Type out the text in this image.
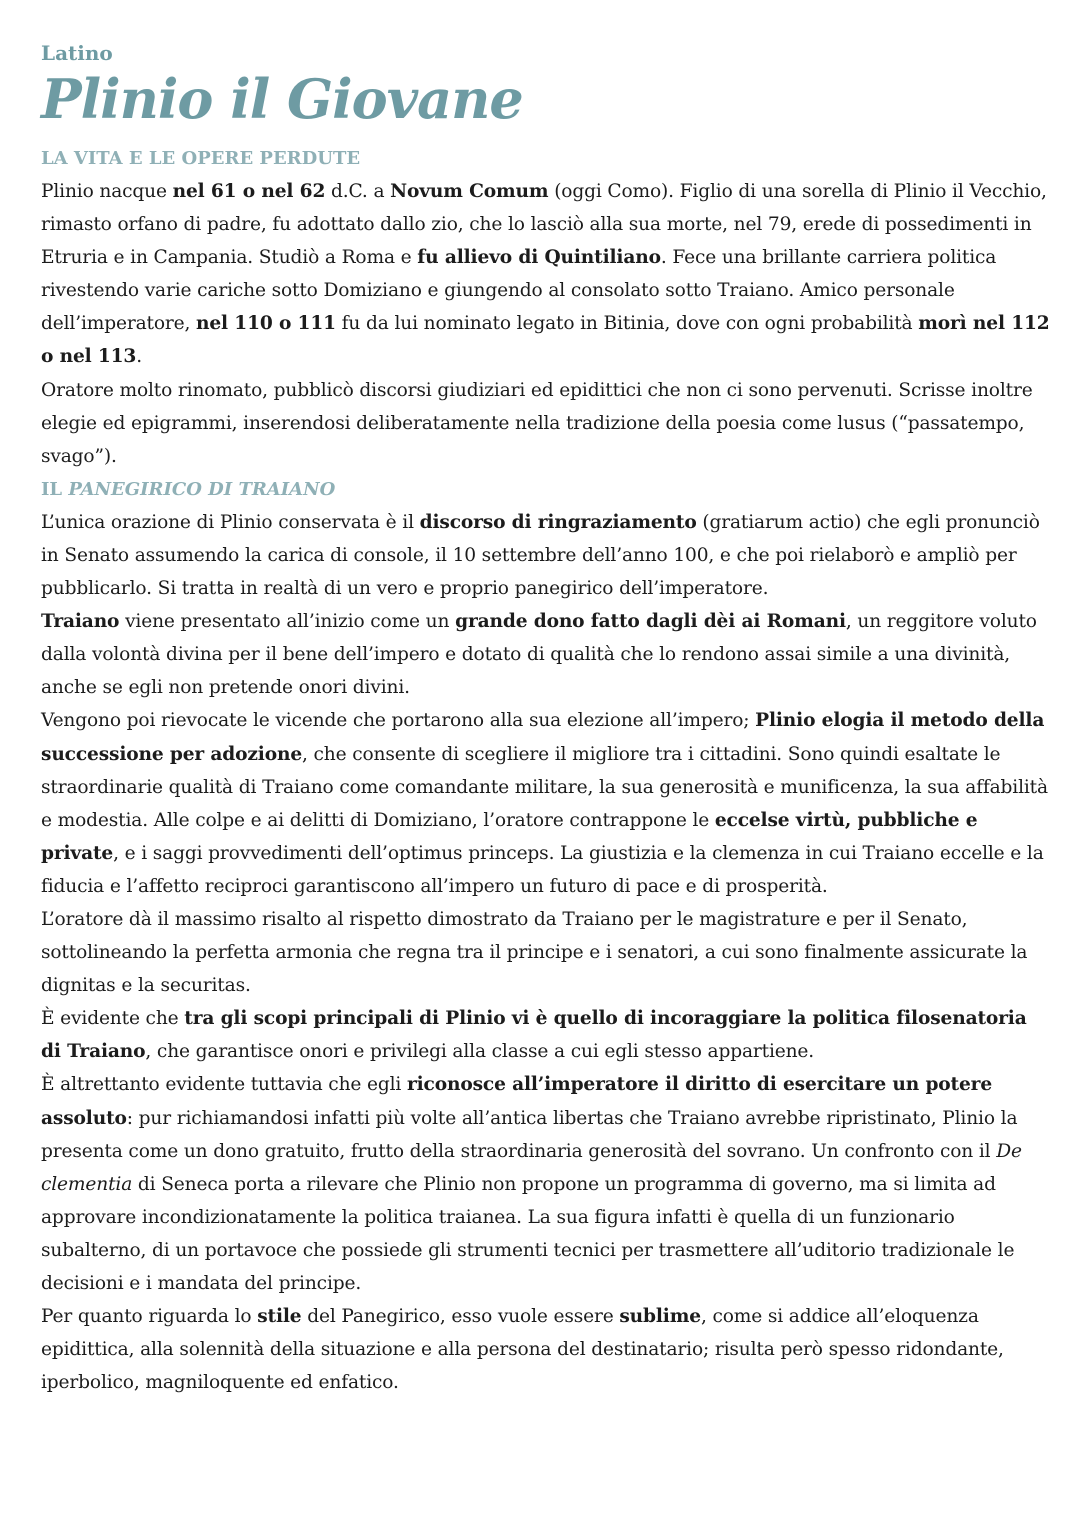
Latino
Plinio il Giovane
LA VITA E LE OPERE PERDUTE

Plinio nacque nel 61 o nel 62 d.C. a Novum Comum (oggi Como). Figlio di una sorella di Plinio il Vecchio, rimasto orfano di padre, fu adottato dallo zio, che lo lasciò alla sua morte, nel 79, erede di possedimenti in Etruria e in Campania. Studiò a Roma e fu allievo di Quintiliano. Fece una brillante carriera politica rivestendo varie cariche sotto Domiziano e giungendo al consolato sotto Traiano. Amico personale dell’imperatore, nel 110 o 111 fu da lui nominato legato in Bitinia, dove con ogni probabilità morì nel 112 o nel 113.

Oratore molto rinomato, pubblicò discorsi giudiziari ed epidittici che non ci sono pervenuti. Scrisse inoltre elegie ed epigrammi, inserendosi deliberatamente nella tradizione della poesia come lusus (“passatempo, svago”).

IL PANEGIRICO DI TRAIANO

L’unica orazione di Plinio conservata è il discorso di ringraziamento (gratiarum actio) che egli pronunciò in Senato assumendo la carica di console, il 10 settembre dell’anno 100, e che poi rielaborò e ampliò per pubblicarlo. Si tratta in realtà di un vero e proprio panegirico dell’imperatore.

Traiano viene presentato all’inizio come un grande dono fatto dagli dèi ai Romani, un reggitore voluto dalla volontà divina per il bene dell’impero e dotato di qualità che lo rendono assai simile a una divinità, anche se egli non pretende onori divini.

Vengono poi rievocate le vicende che portarono alla sua elezione all’impero; Plinio elogia il metodo della successione per adozione, che consente di scegliere il migliore tra i cittadini. Sono quindi esaltate le straordinarie qualità di Traiano come comandante militare, la sua generosità e munificenza, la sua affabilità e modestia. Alle colpe e ai delitti di Domiziano, l’oratore contrappone le eccelse virtù, pubbliche e private, e i saggi provvedimenti dell’optimus princeps. La giustizia e la clemenza in cui Traiano eccelle e la fiducia e l’affetto reciproci garantiscono all’impero un futuro di pace e di prosperità.

L’oratore dà il massimo risalto al rispetto dimostrato da Traiano per le magistrature e per il Senato, sottolineando la perfetta armonia che regna tra il principe e i senatori, a cui sono finalmente assicurate la dignitas e la securitas.

È evidente che tra gli scopi principali di Plinio vi è quello di incoraggiare la politica filosenatoria di Traiano, che garantisce onori e privilegi alla classe a cui egli stesso appartiene.

È altrettanto evidente tuttavia che egli riconosce all’imperatore il diritto di esercitare un potere assoluto: pur richiamandosi infatti più volte all’antica libertas che Traiano avrebbe ripristinato, Plinio la presenta come un dono gratuito, frutto della straordinaria generosità del sovrano. Un confronto con il De clementia di Seneca porta a rilevare che Plinio non propone un programma di governo, ma si limita ad approvare incondizionatamente la politica traianea. La sua figura infatti è quella di un funzionario subalterno, di un portavoce che possiede gli strumenti tecnici per trasmettere all’uditorio tradizionale le decisioni e i mandata del principe.

Per quanto riguarda lo stile del Panegirico, esso vuole essere sublime, come si addice all’eloquenza epidittica, alla solennità della situazione e alla persona del destinatario; risulta però spesso ridondante, iperbolico, magniloquente ed enfatico.
